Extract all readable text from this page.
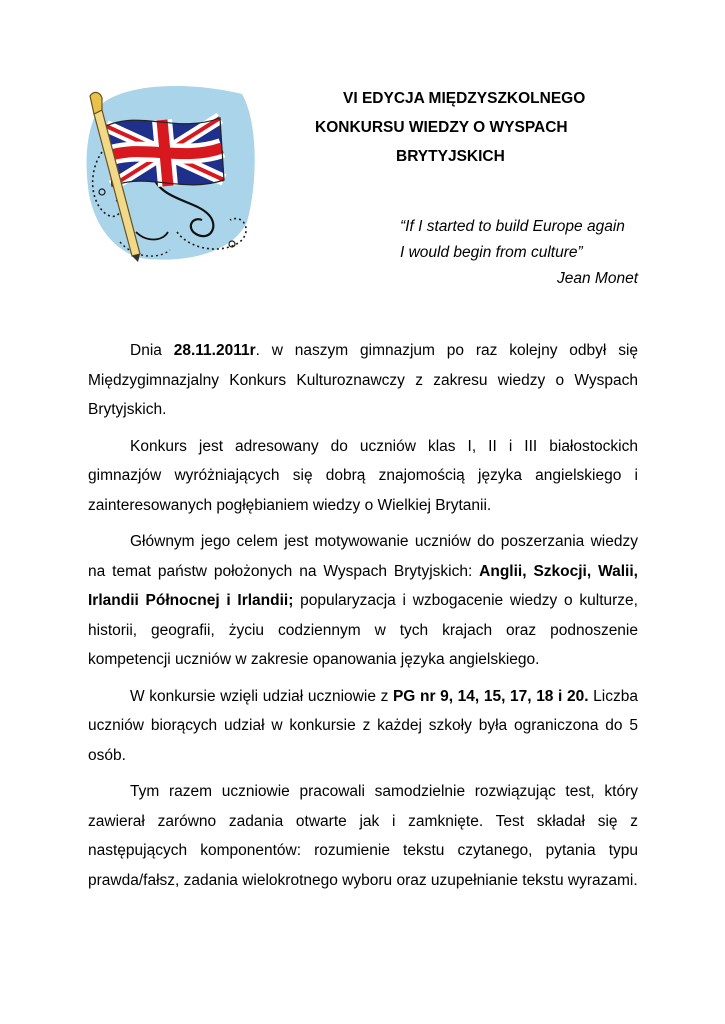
VI EDYCJA MIĘDZYSZKOLNEGO
KONKURSU WIEDZY O WYSPACH
BRYTYJSKICH
“If I started to build Europe again
I would begin from culture”
Jean Monet

Dnia 28.11.2011r. w naszym gimnazjum po raz kolejny odbył się Międzygimnazjalny Konkurs Kulturoznawczy z zakresu wiedzy o Wyspach Brytyjskich.

Konkurs jest adresowany do uczniów klas I, II i III białostockich gimnazjów wyróżniających się dobrą znajomością języka angielskiego i zainteresowanych pogłębianiem wiedzy o Wielkiej Brytanii.

Głównym jego celem jest motywowanie uczniów do poszerzania wiedzy na temat państw położonych na Wyspach Brytyjskich: Anglii, Szkocji, Walii, Irlandii Północnej i Irlandii; popularyzacja i wzbogacenie wiedzy o kulturze, historii, geografii, życiu codziennym w tych krajach oraz podnoszenie kompetencji uczniów w zakresie opanowania języka angielskiego.

W konkursie wzięli udział uczniowie z PG nr 9, 14, 15, 17, 18 i 20. Liczba uczniów biorących udział w konkursie z każdej szkoły była ograniczona do 5 osób.

Tym razem uczniowie pracowali samodzielnie rozwiązując test, który zawierał zarówno zadania otwarte jak i zamknięte. Test składał się z następujących komponentów: rozumienie tekstu czytanego, pytania typu prawda/fałsz, zadania wielokrotnego wyboru oraz uzupełnianie tekstu wyrazami.
